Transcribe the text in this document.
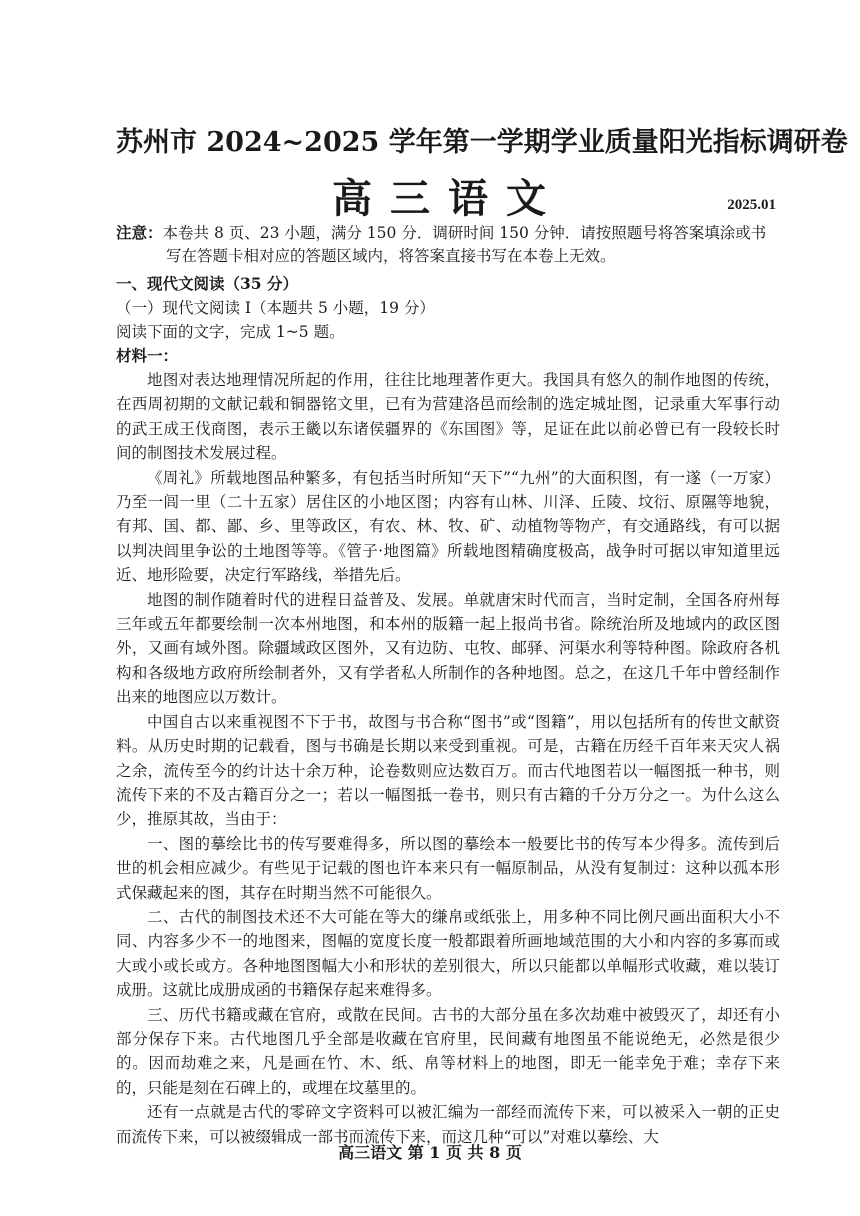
苏州市 2024~2025 学年第一学期学业质量阳光指标调研卷
高三语文	2025.01
注意：本卷共 8 页、23 小题，满分 150 分．调研时间 150 分钟．请按照题号将答案填涂或书写在答题卡相对应的答题区域内，将答案直接书写在本卷上无效。

一、现代文阅读（35 分）

（一）现代文阅读 I（本题共 5 小题，19 分）

阅读下面的文字，完成 1~5 题。

材料一：

地图对表达地理情况所起的作用，往往比地理著作更大。我国具有悠久的制作地图的传统，在西周初期的文献记载和铜器铭文里，已有为营建洛邑而绘制的选定城址图，记录重大军事行动的武王成王伐商图，表示王畿以东诸侯疆界的《东国图》等，足证在此以前必曾已有一段较长时间的制图技术发展过程。

《周礼》所载地图品种繁多，有包括当时所知“天下”“九州”的大面积图，有一遂（一万家）乃至一闾一里（二十五家）居住区的小地区图；内容有山林、川泽、丘陵、坟衍、原隰等地貌，有邦、国、都、鄙、乡、里等政区，有农、林、牧、矿、动植物等物产，有交通路线，有可以据以判决闾里争讼的土地图等等。《管子·地图篇》所载地图精确度极高，战争时可据以审知道里远近、地形险要，决定行军路线，举措先后。

地图的制作随着时代的进程日益普及、发展。单就唐宋时代而言，当时定制，全国各府州每三年或五年都要绘制一次本州地图，和本州的版籍一起上报尚书省。除统治所及地域内的政区图外，又画有域外图。除疆域政区图外，又有边防、屯牧、邮驿、河渠水利等特种图。除政府各机构和各级地方政府所绘制者外，又有学者私人所制作的各种地图。总之，在这几千年中曾经制作出来的地图应以万数计。

中国自古以来重视图不下于书，故图与书合称“图书”或“图籍”，用以包括所有的传世文献资料。从历史时期的记载看，图与书确是长期以来受到重视。可是，古籍在历经千百年来天灾人祸之余，流传至今的约计达十余万种，论卷数则应达数百万。而古代地图若以一幅图抵一种书，则流传下来的不及古籍百分之一；若以一幅图抵一卷书，则只有古籍的千分万分之一。为什么这么少，推原其故，当由于：

一、图的摹绘比书的传写要难得多，所以图的摹绘本一般要比书的传写本少得多。流传到后世的机会相应减少。有些见于记载的图也许本来只有一幅原制品，从没有复制过：这种以孤本形式保藏起来的图，其存在时期当然不可能很久。

二、古代的制图技术还不大可能在等大的缣帛或纸张上，用多种不同比例尺画出面积大小不同、内容多少不一的地图来，图幅的宽度长度一般都跟着所画地域范围的大小和内容的多寡而或大或小或长或方。各种地图图幅大小和形状的差别很大，所以只能都以单幅形式收藏，难以装订成册。这就比成册成函的书籍保存起来难得多。

三、历代书籍或藏在官府，或散在民间。古书的大部分虽在多次劫难中被毁灭了，却还有小部分保存下来。古代地图几乎全部是收藏在官府里，民间藏有地图虽不能说绝无，必然是很少的。因而劫难之来，凡是画在竹、木、纸、帛等材料上的地图，即无一能幸免于难；幸存下来的，只能是刻在石碑上的，或埋在坟墓里的。

还有一点就是古代的零碎文字资料可以被汇编为一部经而流传下来，可以被采入一朝的正史而流传下来，可以被缀辑成一部书而流传下来，而这几种“可以”对难以摹绘、大

高三语文 第 1 页 共 8 页
